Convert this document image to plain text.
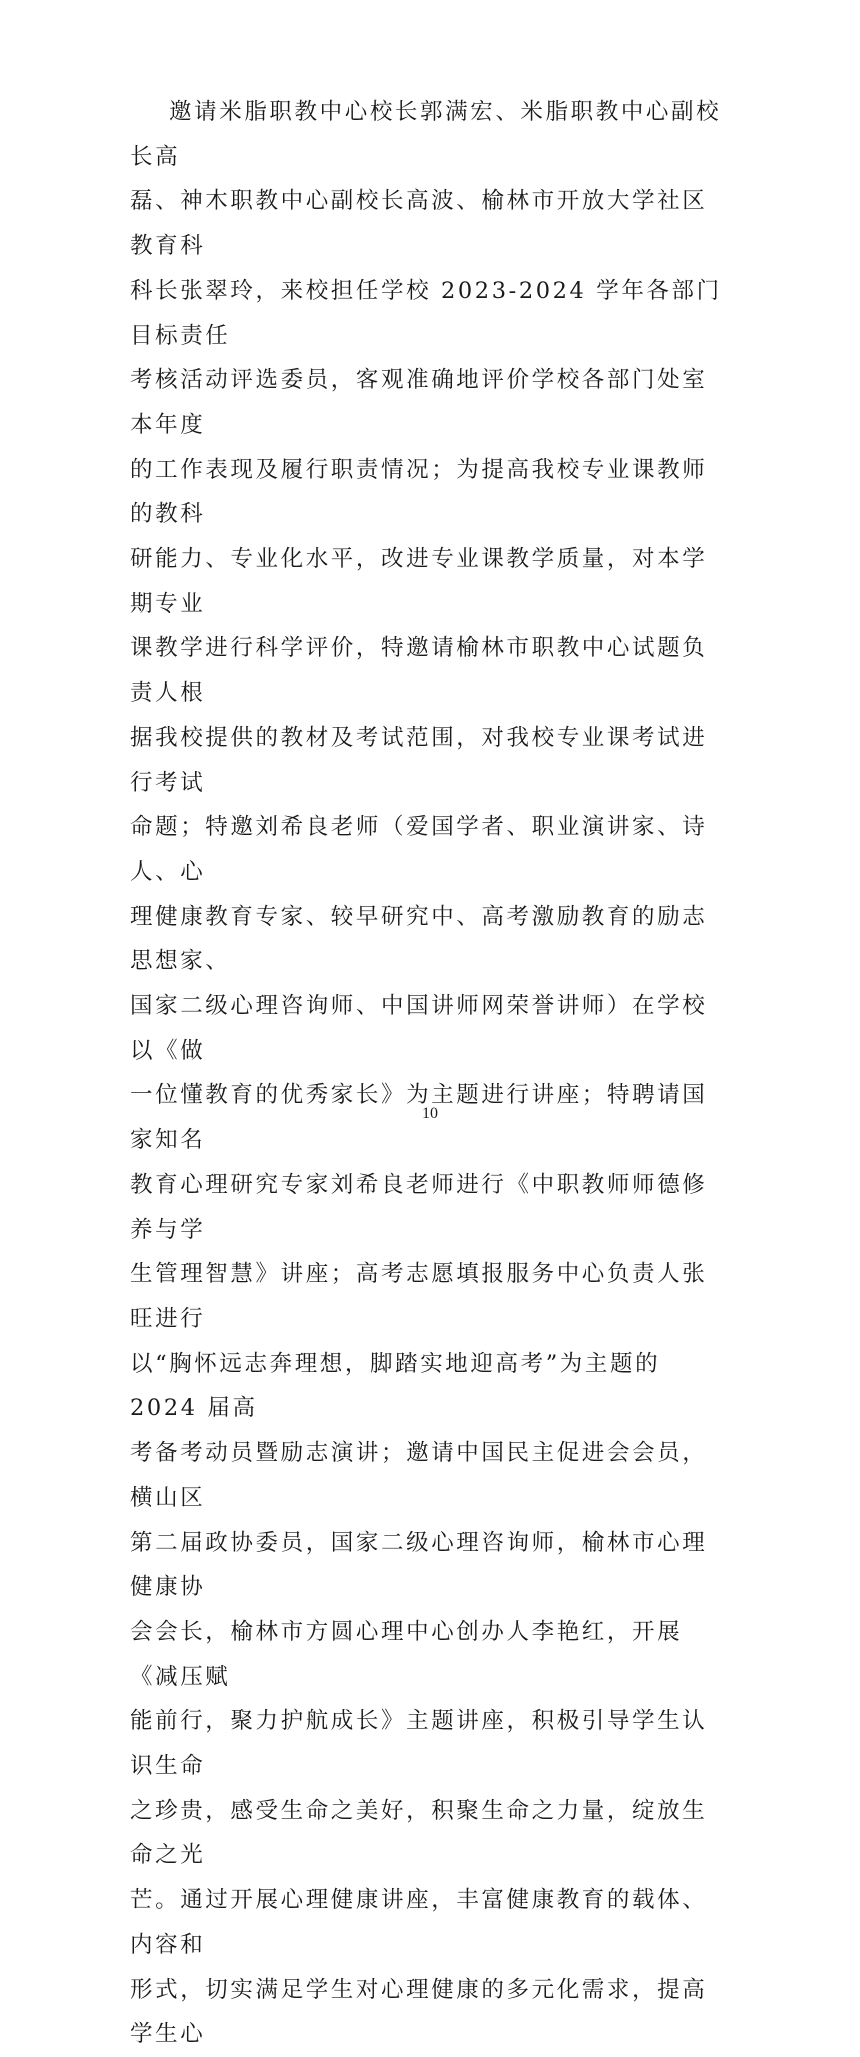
邀请米脂职教中心校长郭满宏、米脂职教中心副校长高
磊、神木职教中心副校长高波、榆林市开放大学社区教育科
科长张翠玲，来校担任学校 2023-2024 学年各部门目标责任
考核活动评选委员，客观准确地评价学校各部门处室本年度
的工作表现及履行职责情况；为提高我校专业课教师的教科
研能力、专业化水平，改进专业课教学质量，对本学期专业
课教学进行科学评价，特邀请榆林市职教中心试题负责人根
据我校提供的教材及考试范围，对我校专业课考试进行考试
命题；特邀刘希良老师（爱国学者、职业演讲家、诗人、心
理健康教育专家、较早研究中、高考激励教育的励志思想家、
国家二级心理咨询师、中国讲师网荣誉讲师）在学校以《做
一位懂教育的优秀家长》为主题进行讲座；特聘请国家知名
教育心理研究专家刘希良老师进行《中职教师师德修养与学
生管理智慧》讲座；高考志愿填报服务中心负责人张旺进行
以“胸怀远志奔理想，脚踏实地迎高考”为主题的 2024 届高
考备考动员暨励志演讲；邀请中国民主促进会会员，横山区
第二届政协委员，国家二级心理咨询师，榆林市心理健康协
会会长，榆林市方圆心理中心创办人李艳红，开展《减压赋
能前行，聚力护航成长》主题讲座，积极引导学生认识生命
之珍贵，感受生命之美好，积聚生命之力量，绽放生命之光
芒。通过开展心理健康讲座，丰富健康教育的载体、内容和
形式，切实满足学生对心理健康的多元化需求，提高学生心

10
